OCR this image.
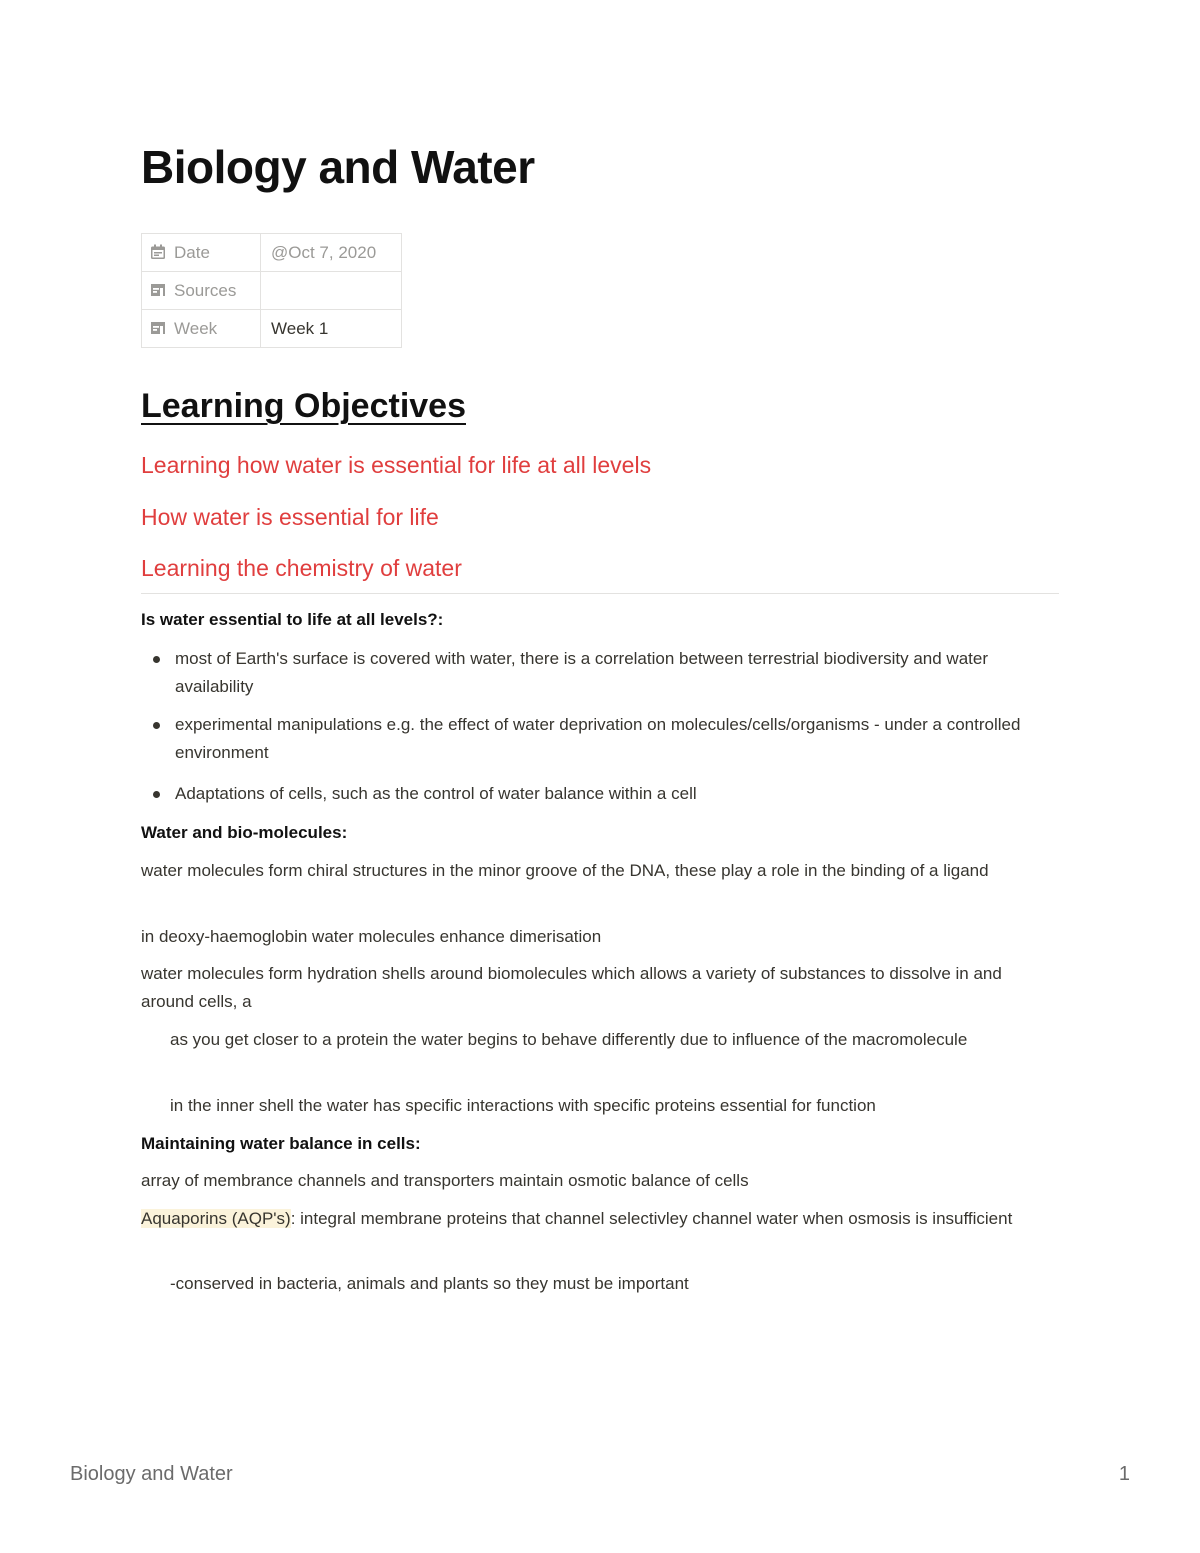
Biology and Water
Date	@Oct 7, 2020
Sources	
Week	Week 1
Learning Objectives
Learning how water is essential for life at all levels
How water is essential for life
Learning the chemistry of water

Is water essential to life at all levels?:

most of Earth's surface is covered with water, there is a correlation between terrestrial biodiversity and water availability
experimental manipulations e.g. the effect of water deprivation on molecules/cells/organisms - under a controlled environment
Adaptations of cells, such as the control of water balance within a cell

Water and bio-molecules:

water molecules form chiral structures in the minor groove of the DNA, these play a role in the binding of a ligand

in deoxy-haemoglobin water molecules enhance dimerisation

water molecules form hydration shells around biomolecules which allows a variety of substances to dissolve in and around cells, a

as you get closer to a protein the water begins to behave differently due to influence of the macromolecule

in the inner shell the water has specific interactions with specific proteins essential for function

Maintaining water balance in cells:

array of membrance channels and transporters maintain osmotic balance of cells

Aquaporins (AQP's): integral membrane proteins that channel selectivley channel water when osmosis is insufficient

-conserved in bacteria, animals and plants so they must be important

Biology and Water	1
